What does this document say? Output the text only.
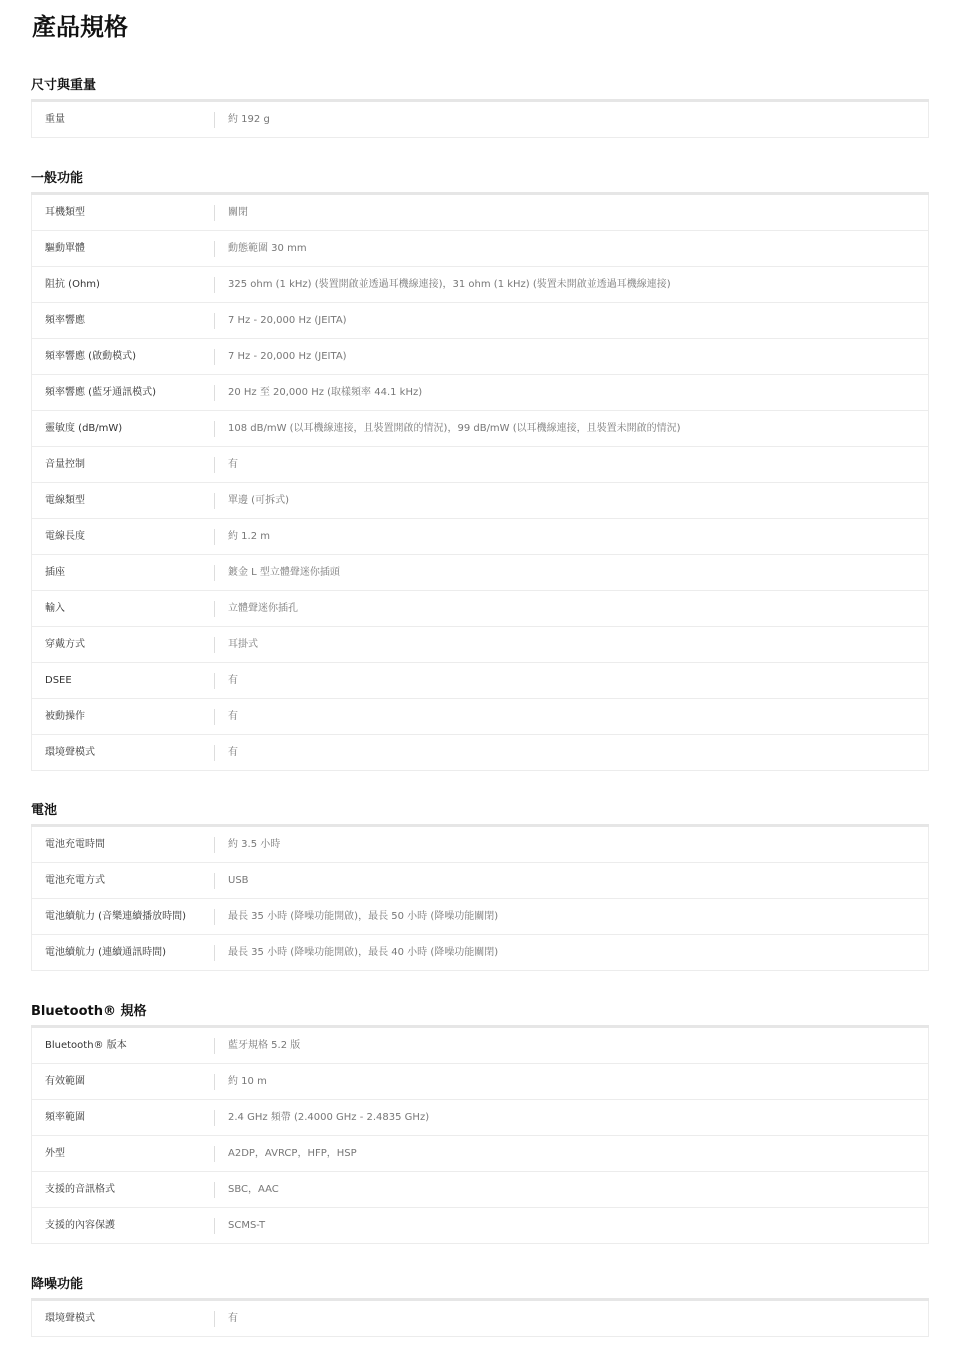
產品規格
尺寸與重量
重量	約 192 g
一般功能
耳機類型	關閉
驅動單體	動態範圍 30 mm
阻抗 (Ohm)	325 ohm (1 kHz) (裝置開啟並透過耳機線連接)，31 ohm (1 kHz) (裝置未開啟並透過耳機線連接)
頻率響應	7 Hz - 20,000 Hz (JEITA)
頻率響應 (啟動模式)	7 Hz - 20,000 Hz (JEITA)
頻率響應 (藍牙通訊模式)	20 Hz 至 20,000 Hz (取樣頻率 44.1 kHz)
靈敏度 (dB/mW)	108 dB/mW (以耳機線連接，且裝置開啟的情況)，99 dB/mW (以耳機線連接，且裝置未開啟的情況)
音量控制	有
電線類型	單邊 (可拆式)
電線長度	約 1.2 m
插座	鍍金 L 型立體聲迷你插頭
輸入	立體聲迷你插孔
穿戴方式	耳掛式
DSEE	有
被動操作	有
環境聲模式	有
電池
電池充電時間	約 3.5 小時
電池充電方式	USB
電池續航力 (音樂連續播放時間)	最長 35 小時 (降噪功能開啟)，最長 50 小時 (降噪功能關閉)
電池續航力 (連續通訊時間)	最長 35 小時 (降噪功能開啟)，最長 40 小時 (降噪功能關閉)
Bluetooth® 規格
Bluetooth® 版本	藍牙規格 5.2 版
有效範圍	約 10 m
頻率範圍	2.4 GHz 頻帶 (2.4000 GHz - 2.4835 GHz)
外型	A2DP，AVRCP，HFP，HSP
支援的音訊格式	SBC，AAC
支援的內容保護	SCMS-T
降噪功能
環境聲模式	有
